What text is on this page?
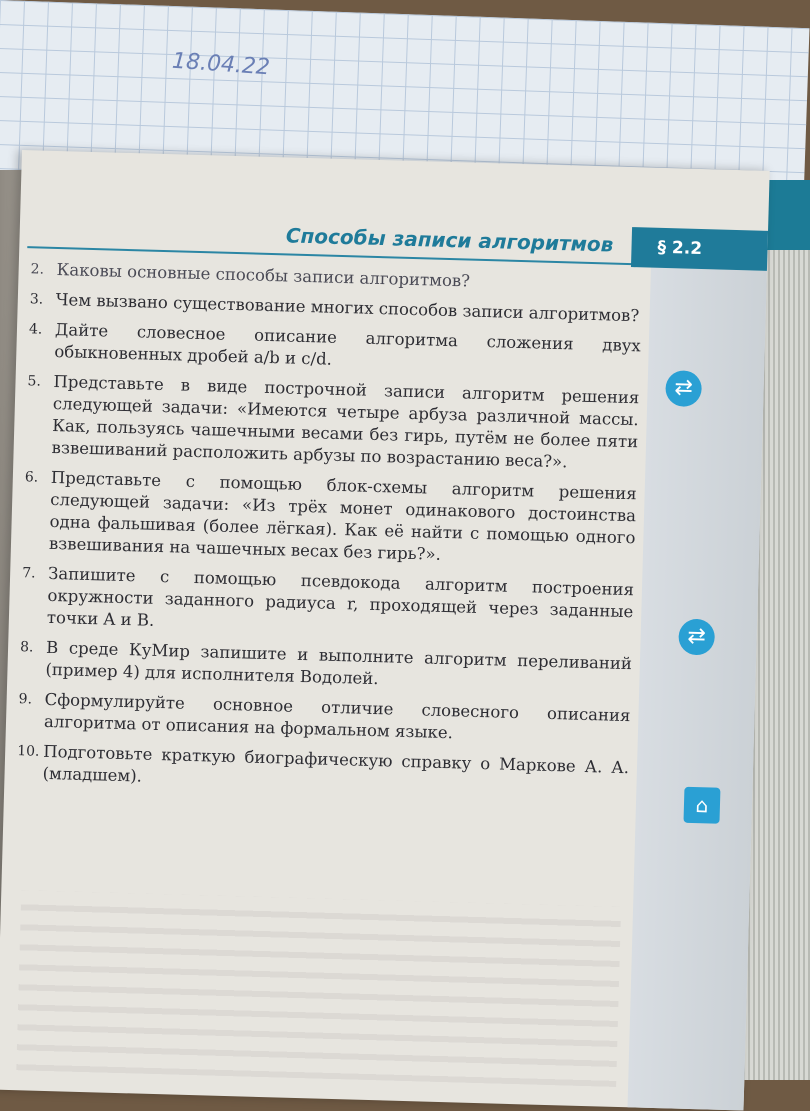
18.04.22
Способы записи алгоритмов	§ 2.2
2. Каковы основные способы записи алгоритмов?
3. Чем вызвано существование многих способов записи алгоритмов?
4. Дайте словесное описание алгоритма сложения двух обыкновенных дробей a/b и c/d.
5. Представьте в виде построчной записи алгоритм решения следующей задачи: «Имеются четыре арбуза различной массы. Как, пользуясь чашечными весами без гирь, путём не более пяти взвешиваний расположить арбузы по возрастанию веса?».
6. Представьте с помощью блок-схемы алгоритм решения следующей задачи: «Из трёх монет одинакового достоинства одна фальшивая (более лёгкая). Как её найти с помощью одного взвешивания на чашечных весах без гирь?».
7. Запишите с помощью псевдокода алгоритм построения окружности заданного радиуса r, проходящей через заданные точки A и B.
8. В среде КуМир запишите и выполните алгоритм переливаний (пример 4) для исполнителя Водолей.
9. Сформулируйте основное отличие словесного описания алгоритма от описания на формальном языке.
10. Подготовьте краткую биографическую справку о Маркове А. А. (младшем).
⇄
⇄
⌂
